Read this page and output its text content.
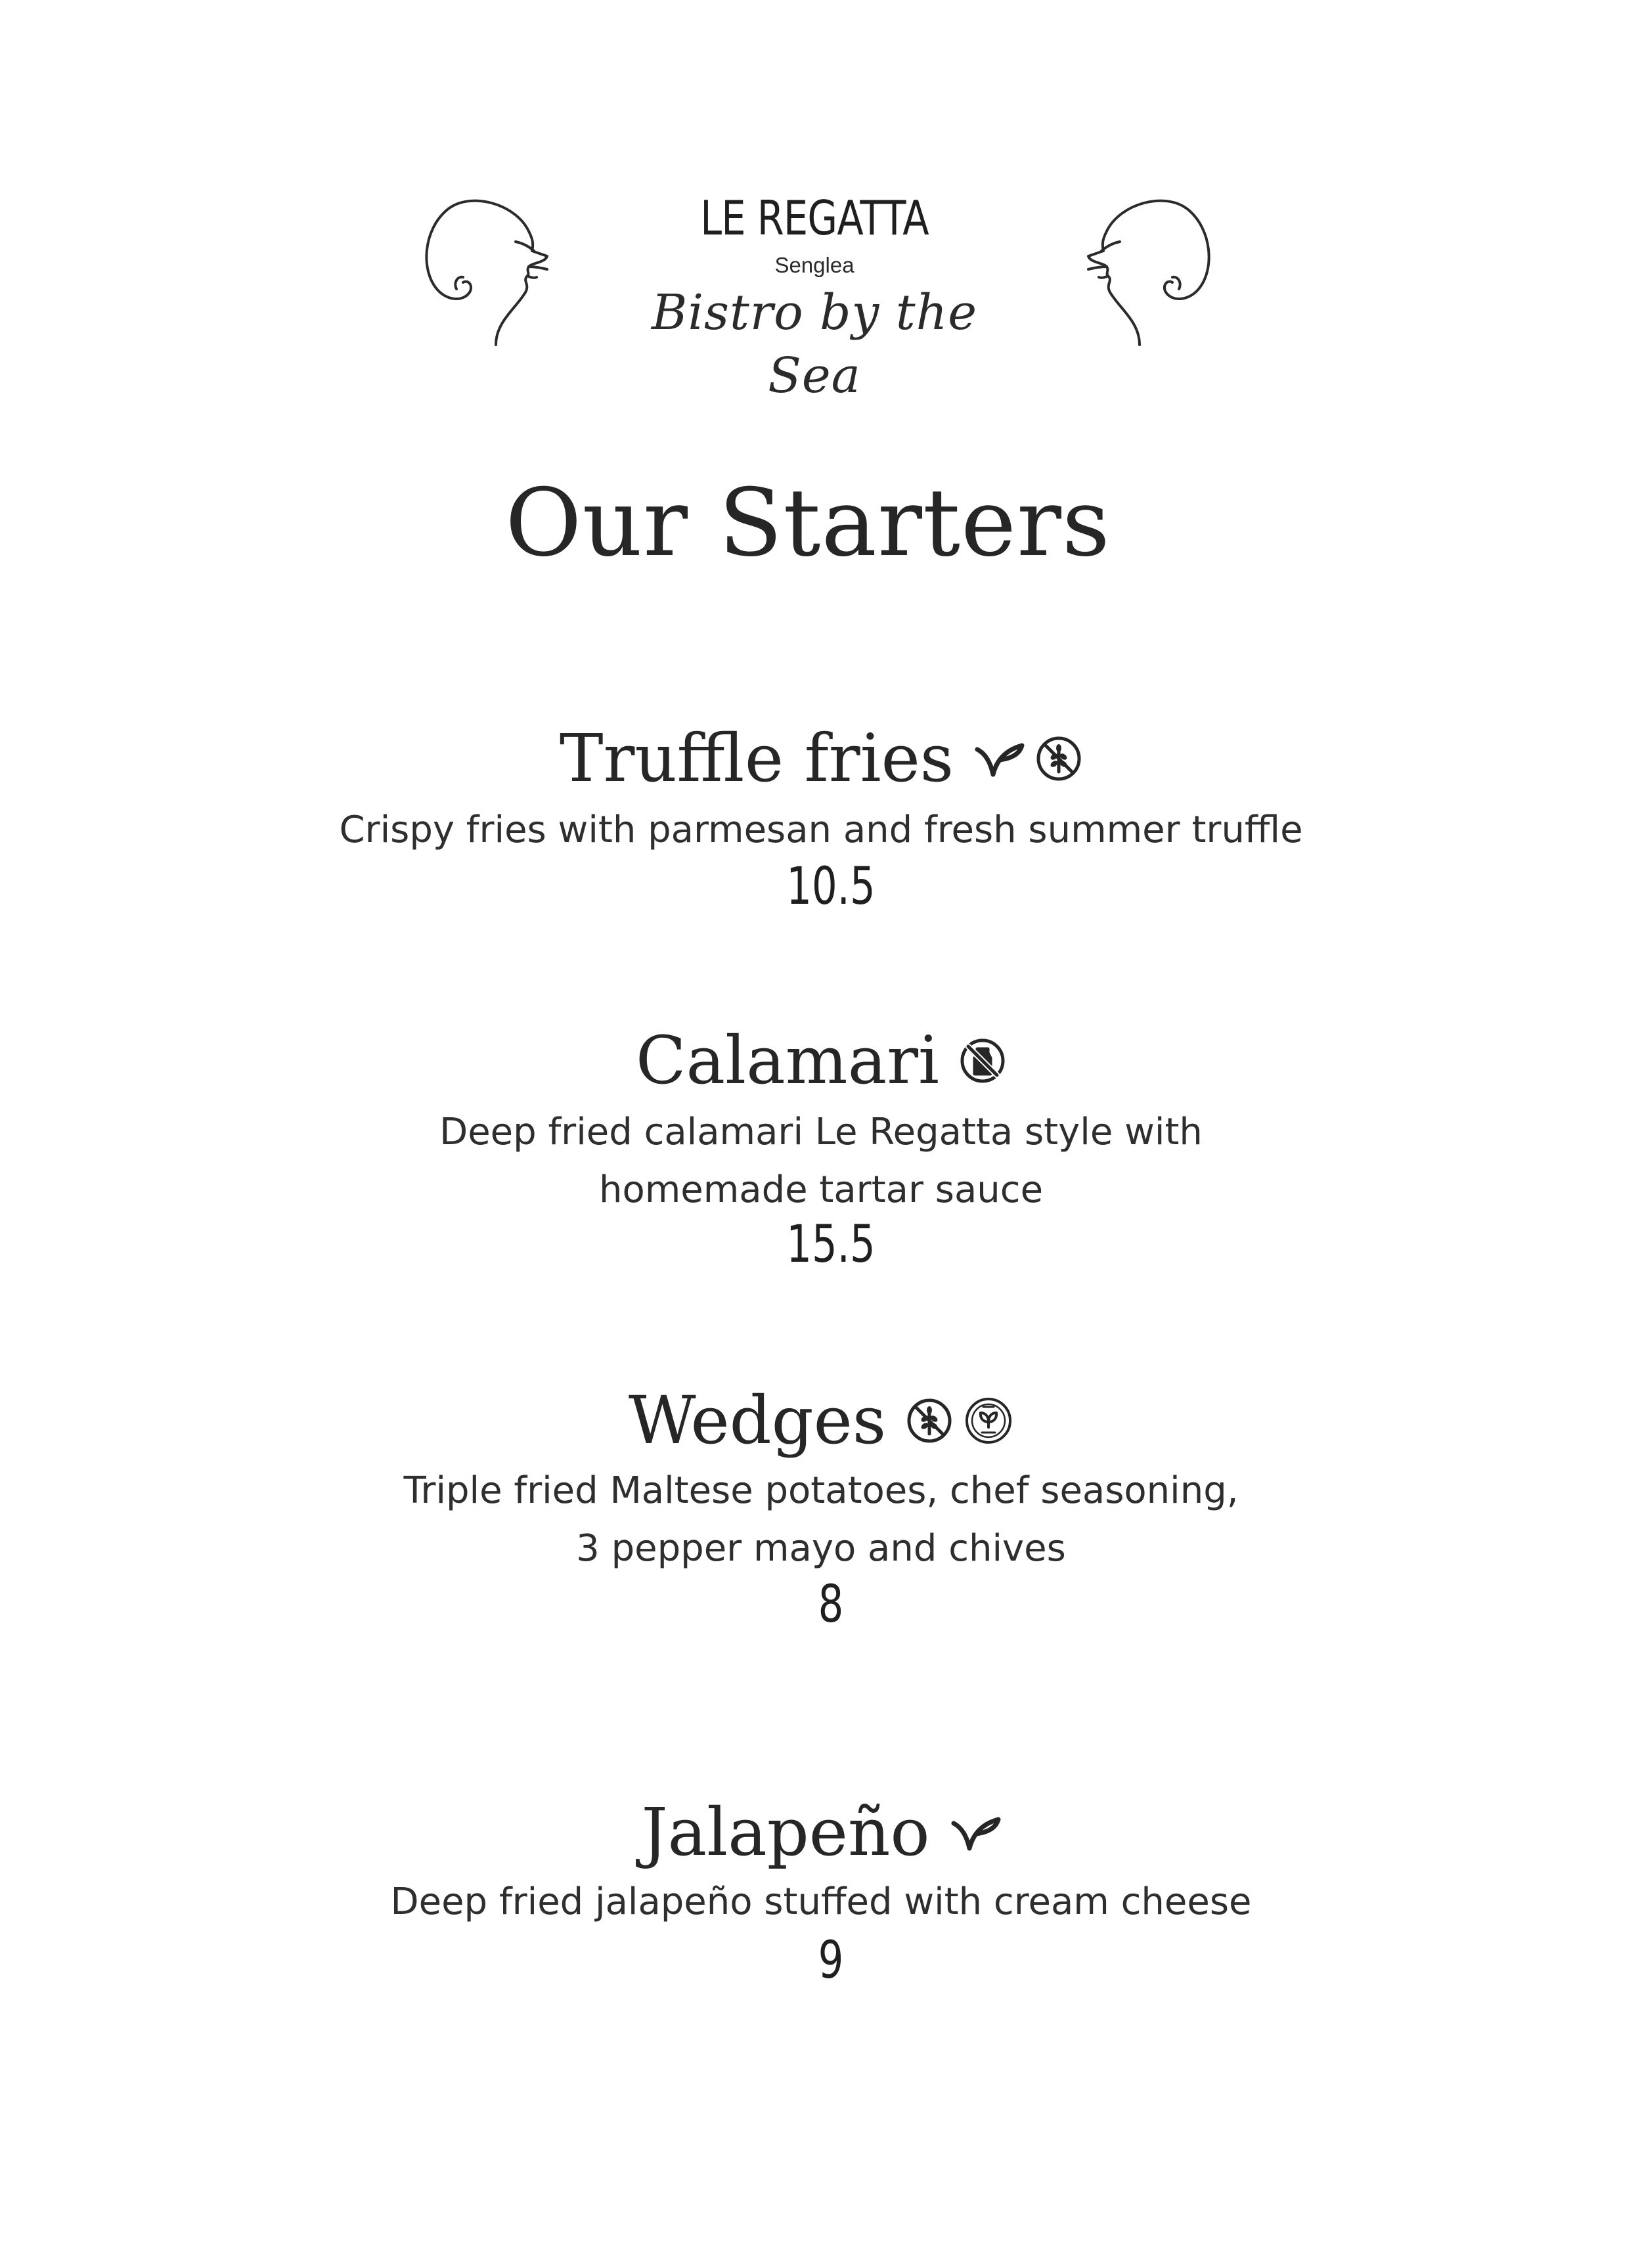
LE REGATTA
Senglea
Bistro by the Sea
Our Starters
Truffle fries
Crispy fries with parmesan and fresh summer truffle
10.5
Calamari
Deep fried calamari Le Regatta style with
homemade tartar sauce
15.5
Wedges
Triple fried Maltese potatoes, chef seasoning,
3 pepper mayo and chives
8
Jalapeño
Deep fried jalapeño stuffed with cream cheese
9
